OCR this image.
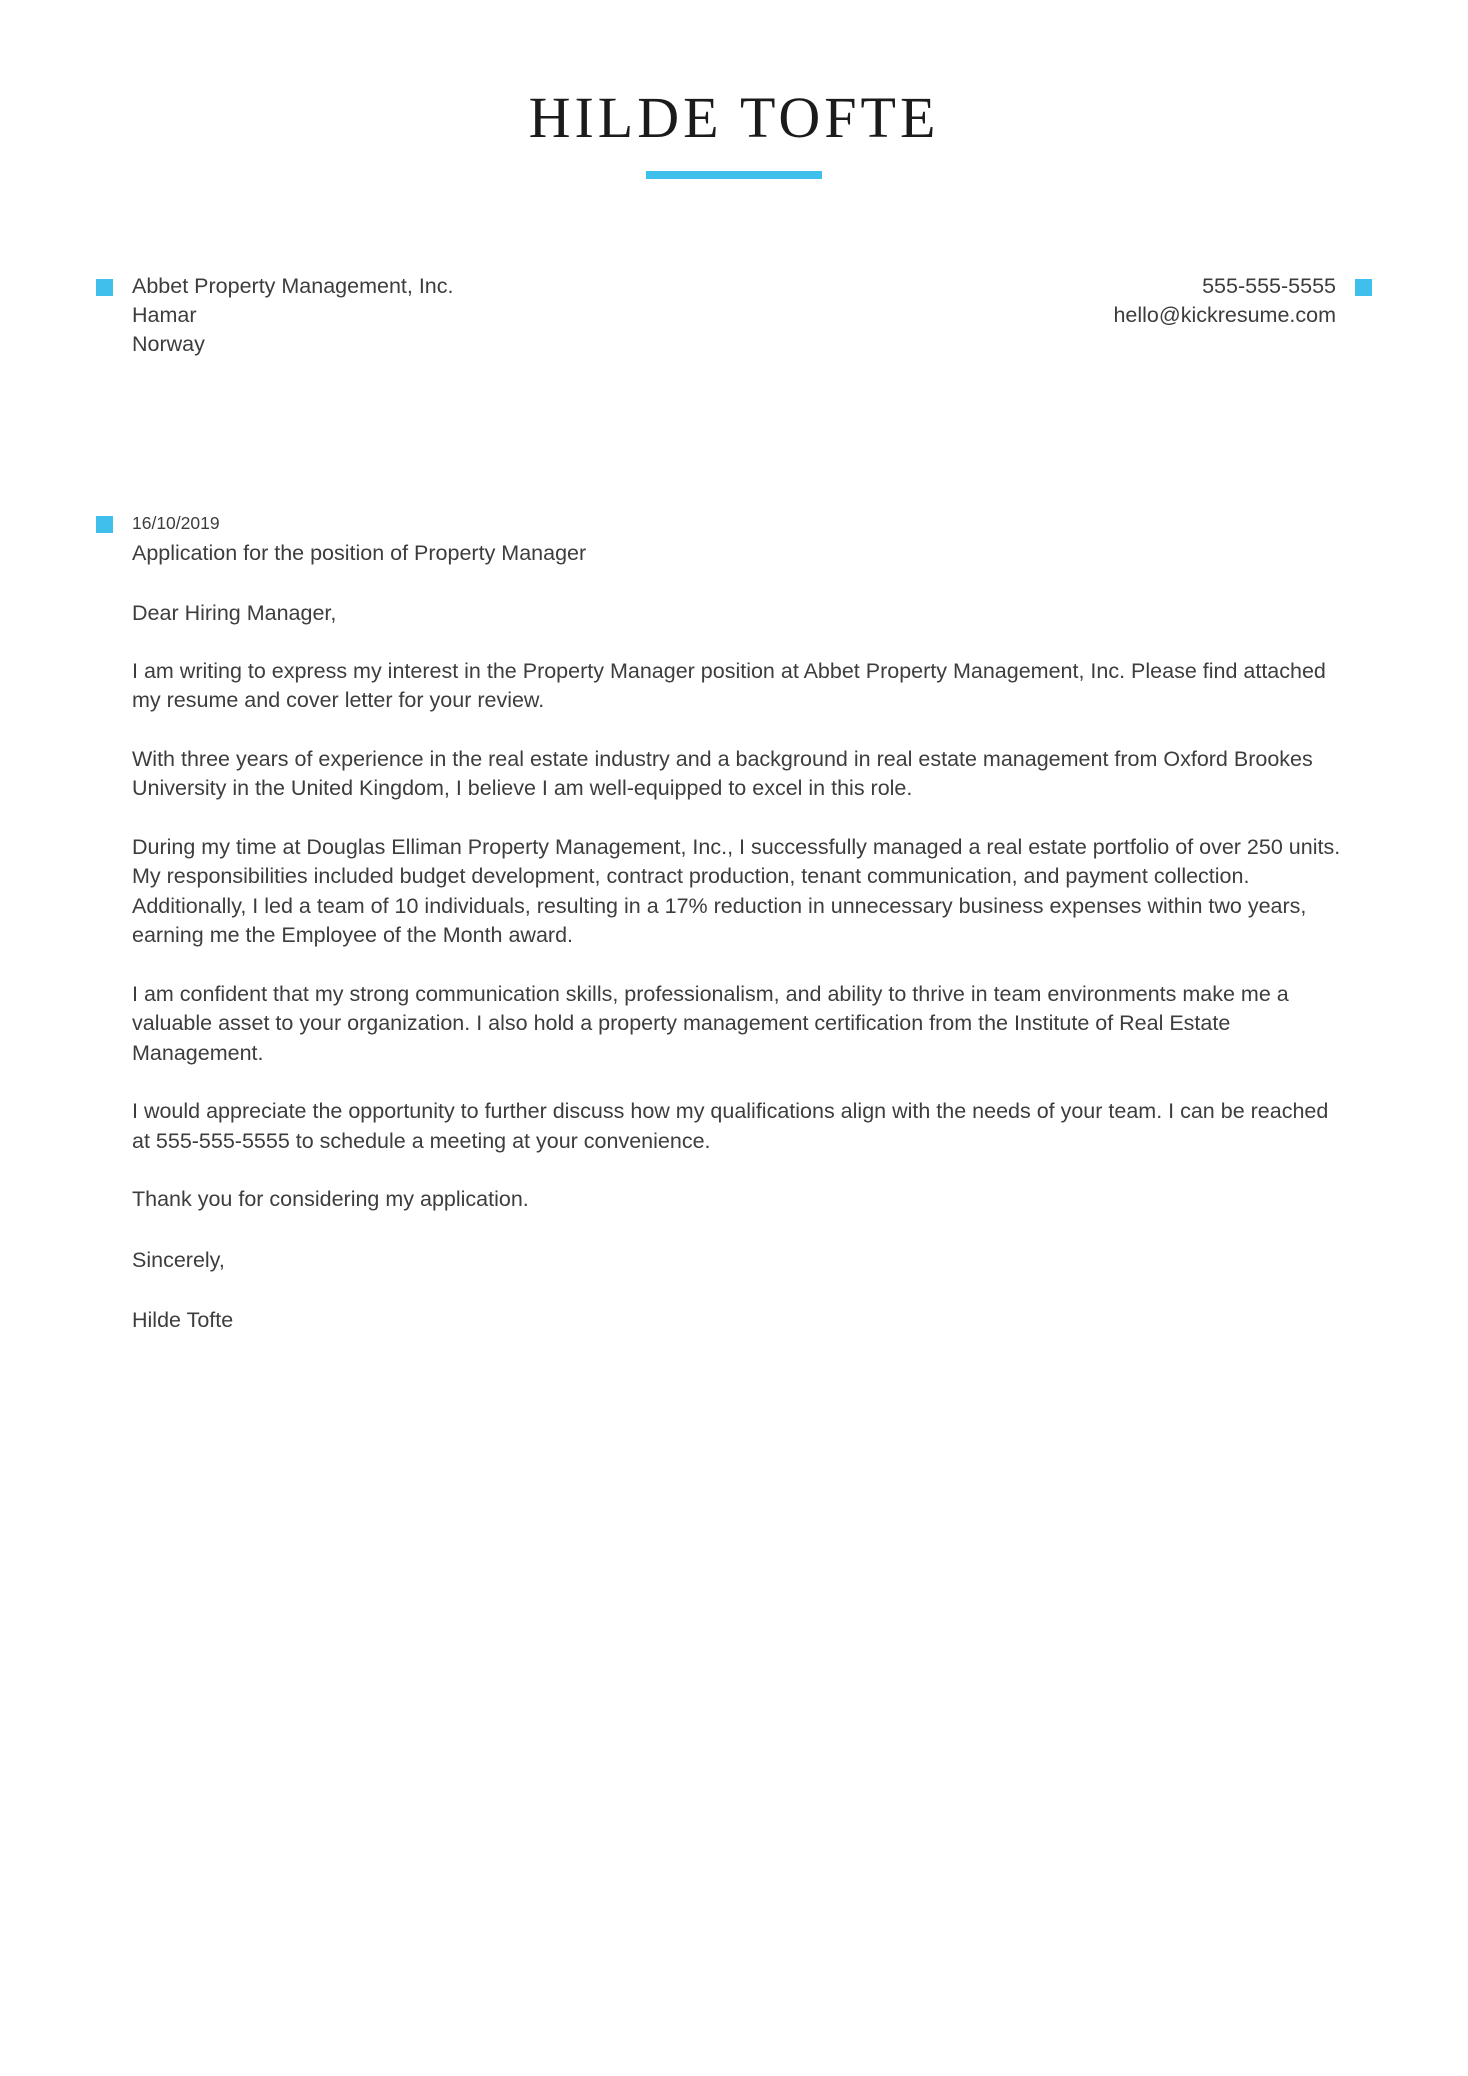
HILDE TOFTE
Abbet Property Management, Inc.
Hamar
Norway
555-555-5555
hello@kickresume.com
16/10/2019
Application for the position of Property Manager
Dear Hiring Manager,
I am writing to express my interest in the Property Manager position at Abbet Property Management, Inc. Please find attached my resume and cover letter for your review.
With three years of experience in the real estate industry and a background in real estate management from Oxford Brookes University in the United Kingdom, I believe I am well-equipped to excel in this role.
During my time at Douglas Elliman Property Management, Inc., I successfully managed a real estate portfolio of over 250 units. My responsibilities included budget development, contract production, tenant communication, and payment collection. Additionally, I led a team of 10 individuals, resulting in a 17% reduction in unnecessary business expenses within two years, earning me the Employee of the Month award.
I am confident that my strong communication skills, professionalism, and ability to thrive in team environments make me a valuable asset to your organization. I also hold a property management certification from the Institute of Real Estate Management.
I would appreciate the opportunity to further discuss how my qualifications align with the needs of your team. I can be reached at 555-555-5555 to schedule a meeting at your convenience.
Thank you for considering my application.
Sincerely,
Hilde Tofte
